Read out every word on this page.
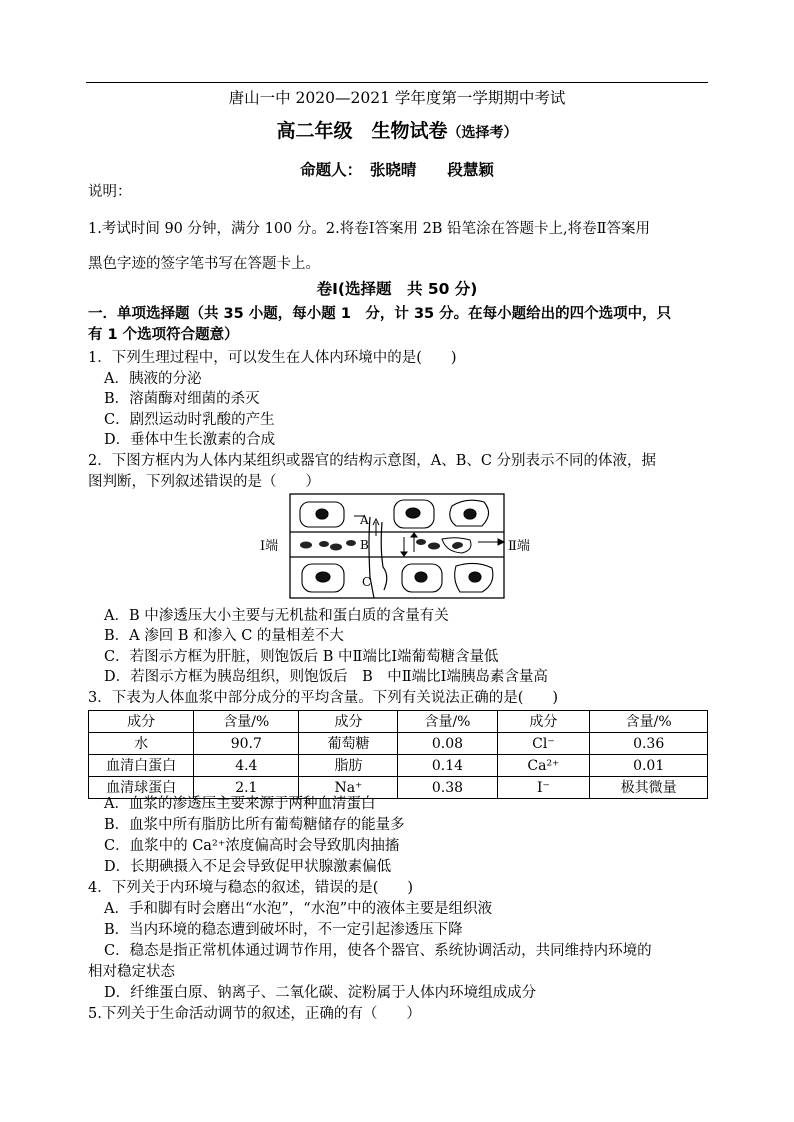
唐山一中 2020—2021 学年度第一学期期中考试
高二年级　生物试卷（选择考）
命题人：　张晓晴　　段慧颖
说明：
1.考试时间 90 分钟，满分 100 分。2.将卷Ⅰ答案用 2B 铅笔涂在答题卡上,将卷Ⅱ答案用
黑色字迹的签字笔书写在答题卡上。
卷Ⅰ(选择题　共 50 分)
一．单项选择题（共 35 小题，每小题 1　分，计 35 分。在每小题给出的四个选项中，只
有 1 个选项符合题意）
1．下列生理过程中，可以发生在人体内环境中的是(　　)
A．胰液的分泌
B．溶菌酶对细菌的杀灭
C．剧烈运动时乳酸的产生
D．垂体中生长激素的合成
2．下图方框内为人体内某组织或器官的结构示意图，A、B、C 分别表示不同的体液，据
图判断，下列叙述错误的是（　　）
Ⅰ端
A
B
C
Ⅱ端
A．B 中渗透压大小主要与无机盐和蛋白质的含量有关
B．A 渗回 B 和渗入 C 的量相差不大
C．若图示方框为肝脏，则饱饭后 B 中Ⅱ端比Ⅰ端葡萄糖含量低
D．若图示方框为胰岛组织，则饱饭后　B　中Ⅱ端比Ⅰ端胰岛素含量高
3．下表为人体血浆中部分成分的平均含量。下列有关说法正确的是(　　)
成分	含量/%	成分	含量/%	成分	含量/%
水	90.7	葡萄糖	0.08	Cl⁻	0.36
血清白蛋白	4.4	脂肪	0.14	Ca²⁺	0.01
血清球蛋白	2.1	Na⁺	0.38	I⁻	极其微量
A．血浆的渗透压主要来源于两种血清蛋白
B．血浆中所有脂肪比所有葡萄糖储存的能量多
C．血浆中的 Ca²⁺浓度偏高时会导致肌肉抽搐
D．长期碘摄入不足会导致促甲状腺激素偏低
4．下列关于内环境与稳态的叙述，错误的是(　　)
A．手和脚有时会磨出“水泡”，“水泡”中的液体主要是组织液
B．当内环境的稳态遭到破坏时，不一定引起渗透压下降
C．稳态是指正常机体通过调节作用，使各个器官、系统协调活动，共同维持内环境的
相对稳定状态
D．纤维蛋白原、钠离子、二氧化碳、淀粉属于人体内环境组成成分
5.下列关于生命活动调节的叙述，正确的有（　　）
